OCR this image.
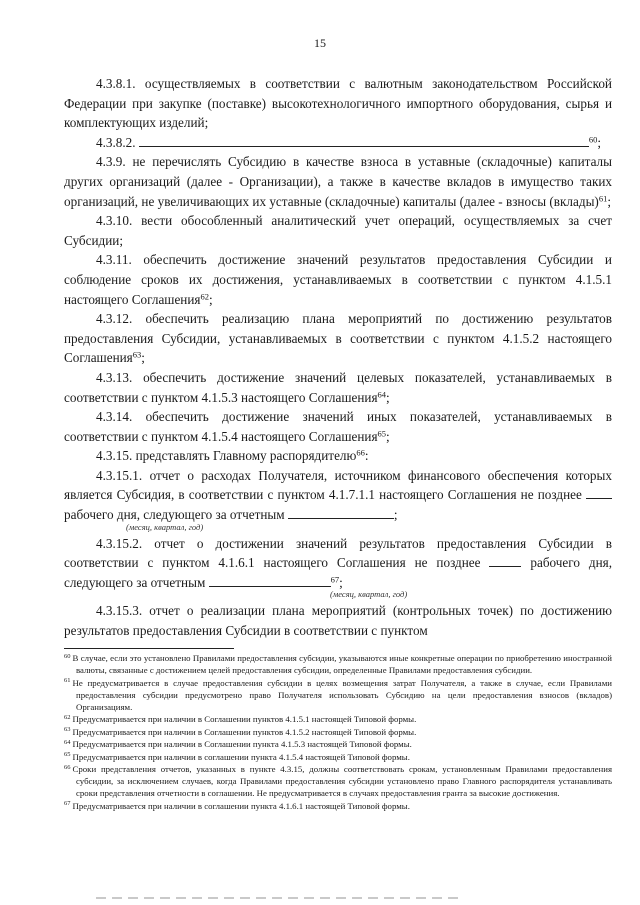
15

4.3.8.1. осуществляемых в соответствии с валютным законодательством Российской Федерации при закупке (поставке) высокотехнологичного импортного оборудования, сырья и комплектующих изделий;

4.3.8.2.	$^{60}$;

4.3.9. не перечислять Субсидию в качестве взноса в уставные (складочные) капиталы других организаций (далее - Организации), а также в качестве вкладов в имущество таких организаций, не увеличивающих их уставные (складочные) капиталы (далее - взносы (вклады)$^{61}$;

4.3.10. вести обособленный аналитический учет операций, осуществляемых за счет Субсидии;

4.3.11. обеспечить достижение значений результатов предоставления Субсидии и соблюдение сроков их достижения, устанавливаемых в соответствии с пунктом 4.1.5.1 настоящего Соглашения$^{62}$;

4.3.12. обеспечить реализацию плана мероприятий по достижению результатов предоставления Субсидии, устанавливаемых в соответствии с пунктом 4.1.5.2 настоящего Соглашения$^{63}$;

4.3.13. обеспечить достижение значений целевых показателей, устанавливаемых в соответствии с пунктом 4.1.5.3 настоящего Соглашения$^{64}$;

4.3.14. обеспечить достижение значений иных показателей, устанавливаемых в соответствии с пунктом 4.1.5.4 настоящего Соглашения$^{65}$;

4.3.15. представлять Главному распорядителю$^{66}$:

4.3.15.1. отчет о расходах Получателя, источником финансового обеспечения которых является Субсидия, в соответствии с пунктом 4.1.7.1.1 настоящего Соглашения не позднее  рабочего дня, следующего за отчетным	;

(месяц, квартал, год)

4.3.15.2. отчет о достижении значений результатов предоставления Субсидии в соответствии с пунктом 4.1.6.1 настоящего Соглашения не позднее	рабочего дня, следующего за отчетным	$^{67}$;

(месяц, квартал, год)

4.3.15.3. отчет о реализации плана мероприятий (контрольных точек) по достижению результатов предоставления Субсидии в соответствии с пунктом

$^{60}$ В случае, если это установлено Правилами предоставления субсидии, указываются иные конкретные операции по приобретению иностранной валюты, связанные с достижением целей предоставления субсидии, определенные Правилами предоставления субсидии.

$^{61}$ Не предусматривается в случае предоставления субсидии в целях возмещения затрат Получателя, а также в случае, если Правилами предоставления субсидии предусмотрено право Получателя использовать Субсидию на цели предоставления взносов (вкладов) Организациям.

$^{62}$ Предусматривается при наличии в Соглашении пунктов 4.1.5.1 настоящей Типовой формы.

$^{63}$ Предусматривается при наличии в Соглашении пунктов 4.1.5.2 настоящей Типовой формы.

$^{64}$ Предусматривается при наличии в Соглашении пункта 4.1.5.3 настоящей Типовой формы.

$^{65}$ Предусматривается при наличии в соглашении пункта 4.1.5.4 настоящей Типовой формы.

$^{66}$ Сроки представления отчетов, указанных в пункте 4.3.15, должны соответствовать срокам, установленным Правилами предоставления субсидии, за исключением случаев, когда Правилами предоставления субсидии установлено право Главного распорядителя устанавливать сроки представления отчетности в соглашении. Не предусматривается в случаях предоставления гранта за высокие достижения.

$^{67}$ Предусматривается при наличии в соглашении пункта 4.1.6.1 настоящей Типовой формы.
